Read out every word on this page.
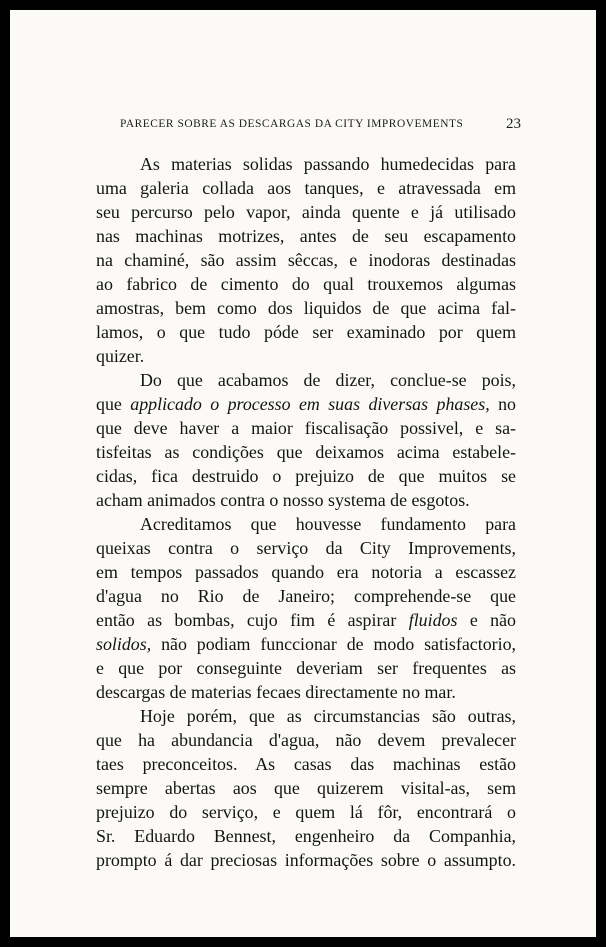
PARECER SOBRE AS DESCARGAS DA CITY IMPROVEMENTS	23
As materias solidas passando humedecidas para
uma galeria collada aos tanques, e atravessada em
seu percurso pelo vapor, ainda quente e já utilisado
nas machinas motrizes, antes de seu escapamento
na chaminé, são assim sêccas, e inodoras destinadas
ao fabrico de cimento do qual trouxemos algumas
amostras, bem como dos liquidos de que acima fal-
lamos, o que tudo póde ser examinado por quem
quizer.
Do que acabamos de dizer, conclue-se pois,
que applicado o processo em suas diversas phases, no
que deve haver a maior fiscalisação possivel, e sa-
tisfeitas as condições que deixamos acima estabele-
cidas, fica destruido o prejuizo de que muitos se
acham animados contra o nosso systema de esgotos.
Acreditamos que houvesse fundamento para
queixas contra o serviço da City Improvements,
em tempos passados quando era notoria a escassez
d'agua no Rio de Janeiro; comprehende-se que
então as bombas, cujo fim é aspirar fluidos e não
solidos, não podiam funccionar de modo satisfactorio,
e que por conseguinte deveriam ser frequentes as
descargas de materias fecaes directamente no mar.
Hoje porém, que as circumstancias são outras,
que ha abundancia d'agua, não devem prevalecer
taes preconceitos. As casas das machinas estão
sempre abertas aos que quizerem visital-as, sem
prejuizo do serviço, e quem lá fôr, encontrará o
Sr. Eduardo Bennest, engenheiro da Companhia,
prompto á dar preciosas informações sobre o assumpto.
